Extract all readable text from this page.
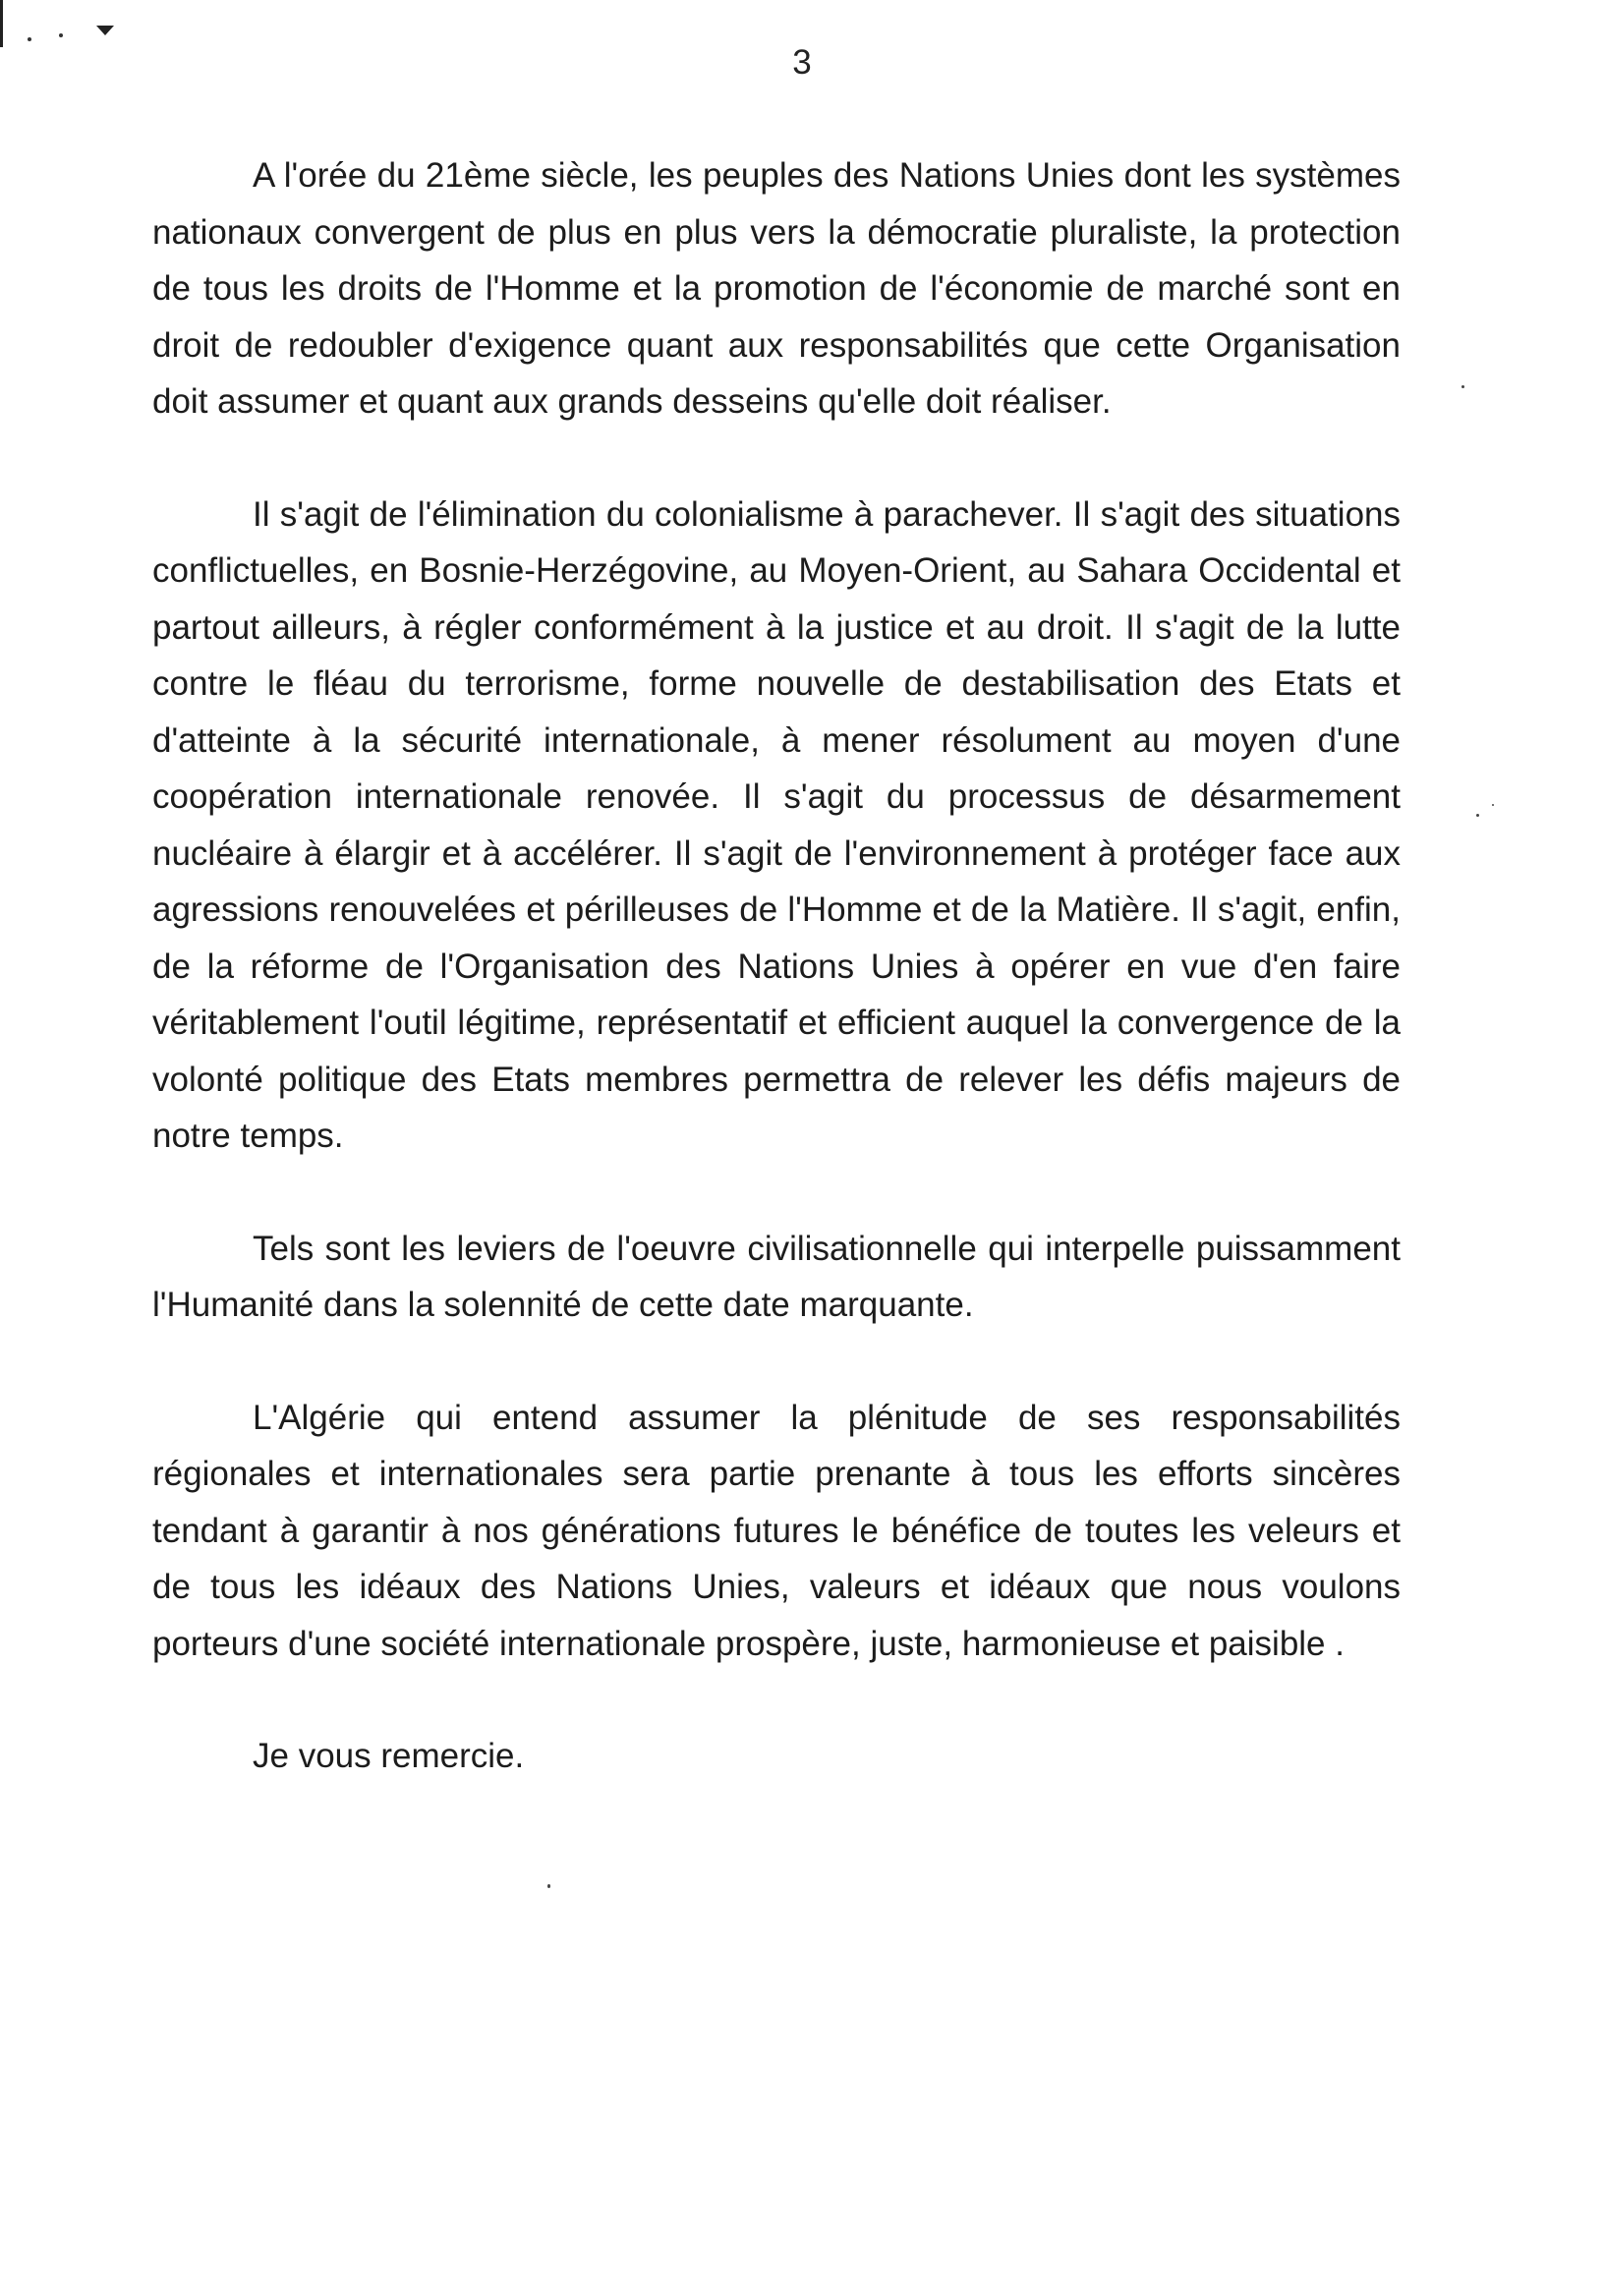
3

A l'orée du 21ème siècle, les peuples des Nations Unies dont les systèmes nationaux convergent de plus en plus vers la démocratie pluraliste, la protection de tous les droits de l'Homme et la promotion de l'économie de marché sont en droit de redoubler d'exigence quant aux responsabilités que cette Organisation doit assumer et quant aux grands desseins qu'elle doit réaliser.

Il s'agit de l'élimination du colonialisme à parachever. Il s'agit des situations conflictuelles, en Bosnie-Herzégovine, au Moyen-Orient, au Sahara Occidental et partout ailleurs, à régler conformément à la justice et au droit. Il s'agit de la lutte contre le fléau du terrorisme, forme nouvelle de destabilisation des Etats et d'atteinte à la sécurité internationale, à mener résolument au moyen d'une coopération internationale renovée. Il s'agit du processus de désarmement nucléaire à élargir et à accélérer. Il s'agit de l'environnement à protéger face aux agressions renouvelées et périlleuses de l'Homme et de la Matière. Il s'agit, enfin, de la réforme de l'Organisation des Nations Unies à opérer en vue d'en faire véritablement l'outil légitime, représentatif et efficient auquel la convergence de la volonté politique des Etats membres permettra de relever les défis majeurs de notre temps.

Tels sont les leviers de l'oeuvre civilisationnelle qui interpelle puissamment l'Humanité dans la solennité de cette date marquante.

L'Algérie qui entend assumer la plénitude de ses responsabilités régionales et internationales sera partie prenante à tous les efforts sincères tendant à garantir à nos générations futures le bénéfice de toutes les veleurs et de tous les idéaux des Nations Unies, valeurs et idéaux que nous voulons porteurs d'une société internationale prospère, juste, harmonieuse et paisible .

Je vous remercie.
